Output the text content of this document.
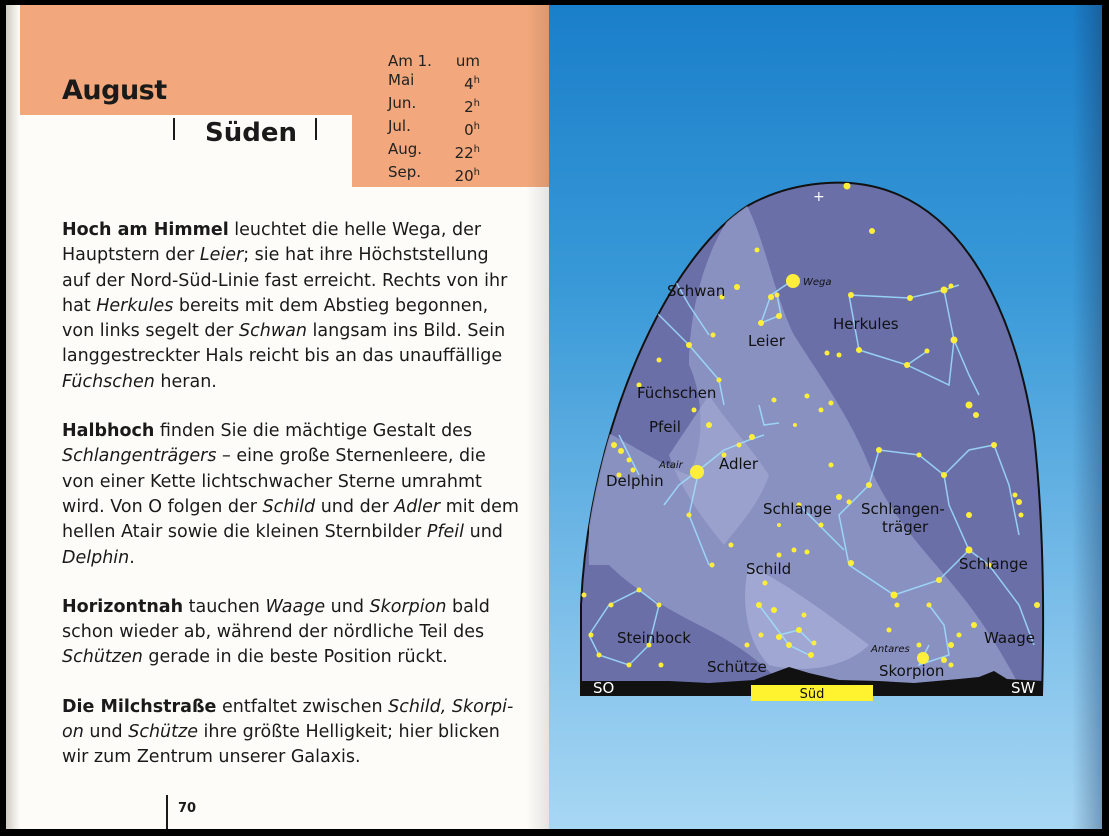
August
Süden
Am 1. um
Mai	4$^h$
Jun.	2$^h$
Jul.	0$^h$
Aug. 22$^h$
Sep. 20$^h$

Hoch am Himmel leuchtet die helle Wega, der Hauptstern der Leier; sie hat ihre Höchststellung auf der Nord-Süd-Linie fast erreicht. Rechts von ihr hat Herkules bereits mit dem Abstieg begonnen, von links segelt der Schwan langsam ins Bild. Sein langgestreckter Hals reicht bis an das unauffällige Füchschen heran.

Halbhoch finden Sie die mächtige Gestalt des Schlangenträgers – eine große Sternenleere, die von einer Kette lichtschwacher Sterne umrahmt wird. Von O folgen der Schild und der Adler mit dem hellen Atair sowie die kleinen Sternbilder Pfeil und Delphin.

Horizontnah tauchen Waage und Skorpion bald schon wieder ab, während der nördliche Teil des Schützen gerade in die beste Position rückt.

Die Milchstraße entfaltet zwischen Schild, Skorpi-on und Schütze ihre größte Helligkeit; hier blicken wir zum Zentrum unserer Galaxis.

70
+
Schwan	Wega
Leier
Herkules
Füchschen
Pfeil
Atair Adler
Delphin
Schlange Schlangen-
träger
Schild	Schlange
Steinbock
Antares
Waage
Schütze	Skorpion
Süd
SO	SW
